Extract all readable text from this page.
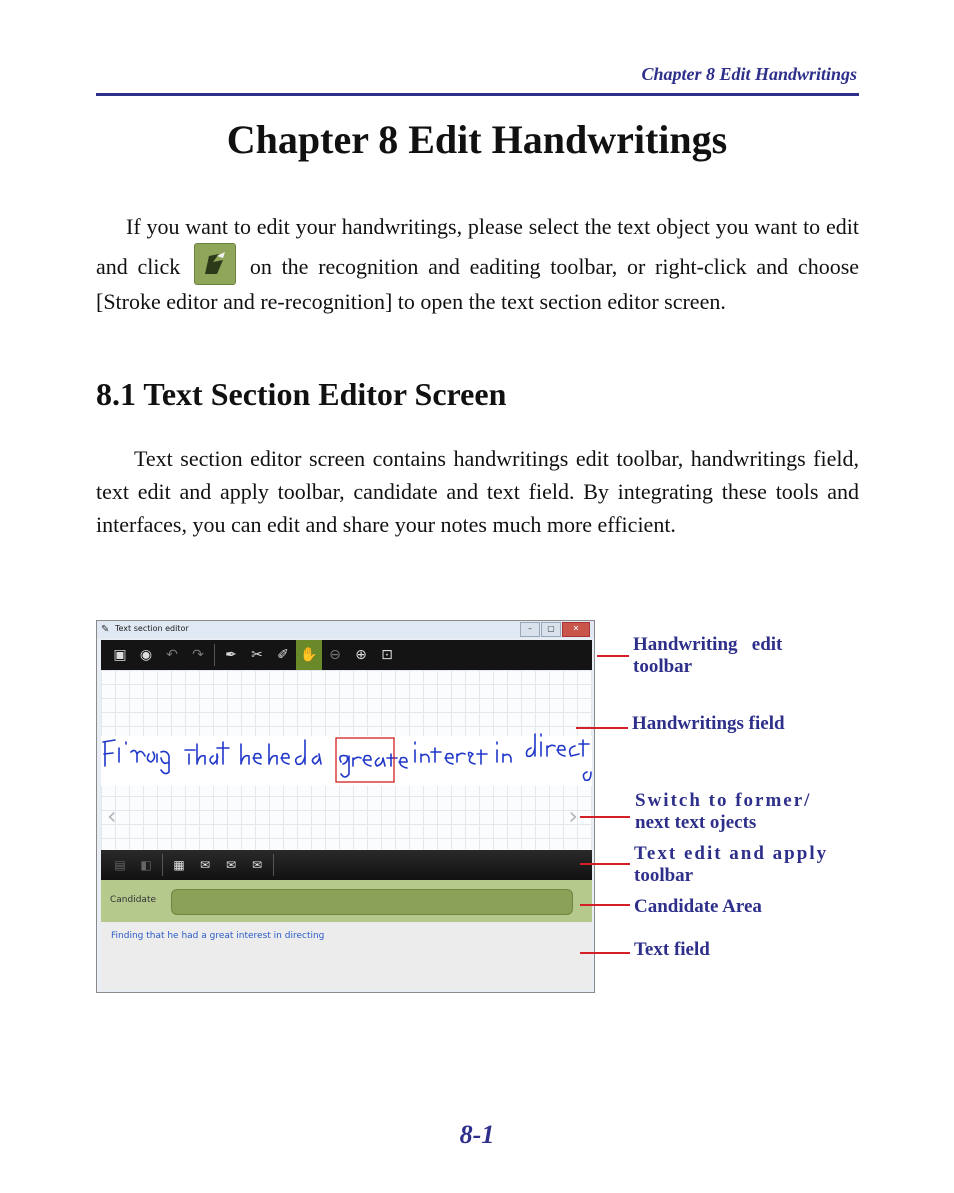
Chapter 8 Edit Handwritings
Chapter 8 Edit Handwritings

If you want to edit your handwritings, please select the text object you want to edit and click	on the recognition and eaditing toolbar, or right-click and choose [Stroke editor and re-recognition] to open the text section editor screen.

8.1 Text Section Editor Screen

Text section editor screen contains handwritings edit toolbar, handwritings field, text edit and apply toolbar, candidate and text field. By integrating these tools and interfaces, you can edit and share your notes much more efficient.

✎ Text section editor	–	▢	✕
▣ ◉	↶	↷	✒	✂	✐ ✋ ⊖	⊕	⊡
‹	›
▤	◧	▦	✉	✉	✉
Candidate
Finding that he had a great interest in directing

Handwriting   edit
toolbar

Handwritings field

Switch to former/
next text ojects

Text edit and apply
toolbar

Candidate Area

Text field

8-1
